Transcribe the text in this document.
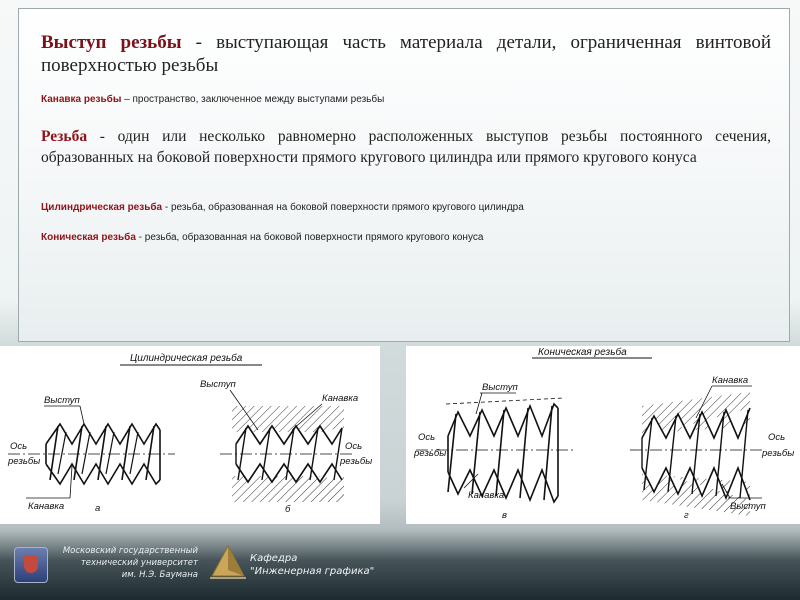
Выступ резьбы - выступающая часть материала детали, ограниченная винтовой поверхностью резьбы

Канавка резьбы – пространство, заключенное между выступами резьбы

Резьба - один или несколько равномерно расположенных выступов резьбы постоянного сечения, образованных на боковой поверхности прямого кругового цилиндра или прямого кругового конуса

Цилиндрическая резьба - резьба, образованная на боковой поверхности прямого кругового цилиндра

Коническая резьба - резьба, образованная на боковой поверхности прямого кругового конуса

Цилиндрическая резьба
Ось
резьбы
Выступ
Канавка	а
Ось
резьбы
Выступ
Канавка
б
Коническая резьба
Ось
резьбы
Выступ
Канавка
в
Ось
резьбы
Канавка
Выступ
г
Московский государственный
технический университет
им. Н.Э. Баумана
Кафедра
"Инженерная графика"
